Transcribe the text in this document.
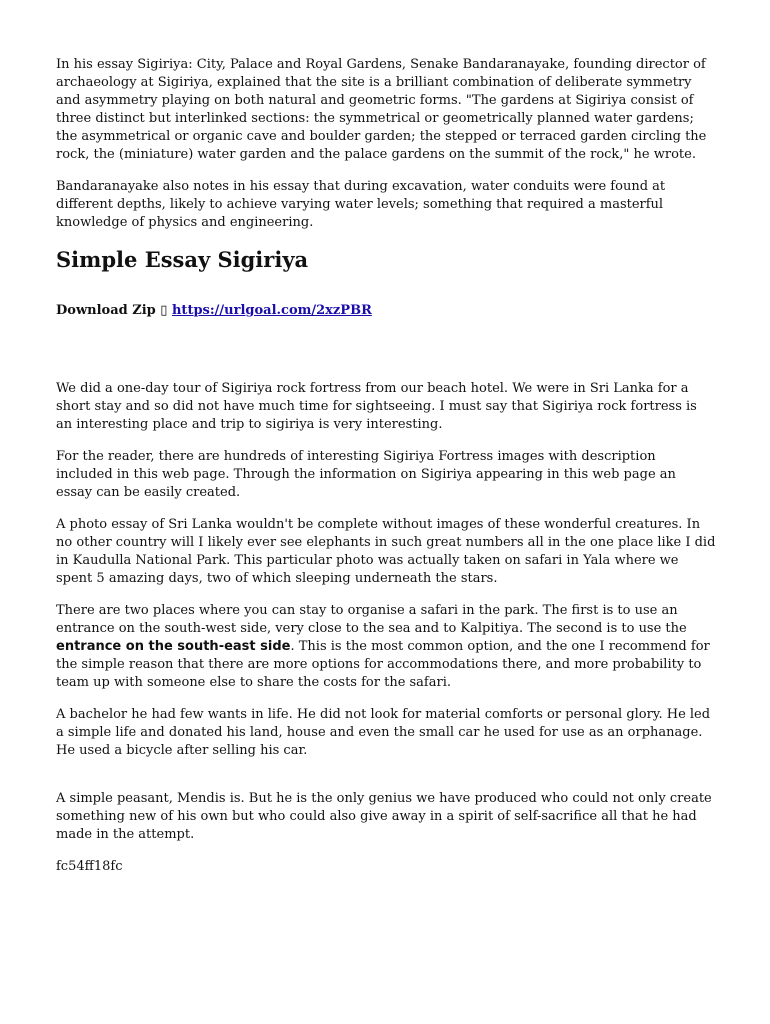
In his essay Sigiriya: City, Palace and Royal Gardens, Senake Bandaranayake, founding director of archaeology at Sigiriya, explained that the site is a brilliant combination of deliberate symmetry and asymmetry playing on both natural and geometric forms. "The gardens at Sigiriya consist of three distinct but interlinked sections: the symmetrical or geometrically planned water gardens; the asymmetrical or organic cave and boulder garden; the stepped or terraced garden circling the rock, the (miniature) water garden and the palace gardens on the summit of the rock," he wrote.

Bandaranayake also notes in his essay that during excavation, water conduits were found at different depths, likely to achieve varying water levels; something that required a masterful knowledge of physics and engineering.

Simple Essay Sigiriya

Download Zip ▯ https://urlgoal.com/2xzPBR

We did a one-day tour of Sigiriya rock fortress from our beach hotel. We were in Sri Lanka for a short stay and so did not have much time for sightseeing. I must say that Sigiriya rock fortress is an interesting place and trip to sigiriya is very interesting.

For the reader, there are hundreds of interesting Sigiriya Fortress images with description included in this web page. Through the information on Sigiriya appearing in this web page an essay can be easily created.

A photo essay of Sri Lanka wouldn't be complete without images of these wonderful creatures. In no other country will I likely ever see elephants in such great numbers all in the one place like I did in Kaudulla National Park. This particular photo was actually taken on safari in Yala where we spent 5 amazing days, two of which sleeping underneath the stars.

There are two places where you can stay to organise a safari in the park. The first is to use an entrance on the south-west side, very close to the sea and to Kalpitiya. The second is to use the entrance on the south-east side. This is the most common option, and the one I recommend for the simple reason that there are more options for accommodations there, and more probability to team up with someone else to share the costs for the safari.

A bachelor he had few wants in life. He did not look for material comforts or personal glory. He led a simple life and donated his land, house and even the small car he used for use as an orphanage. He used a bicycle after selling his car.

A simple peasant, Mendis is. But he is the only genius we have produced who could not only create something new of his own but who could also give away in a spirit of self-sacrifice all that he had made in the attempt.

fc54ff18fc
